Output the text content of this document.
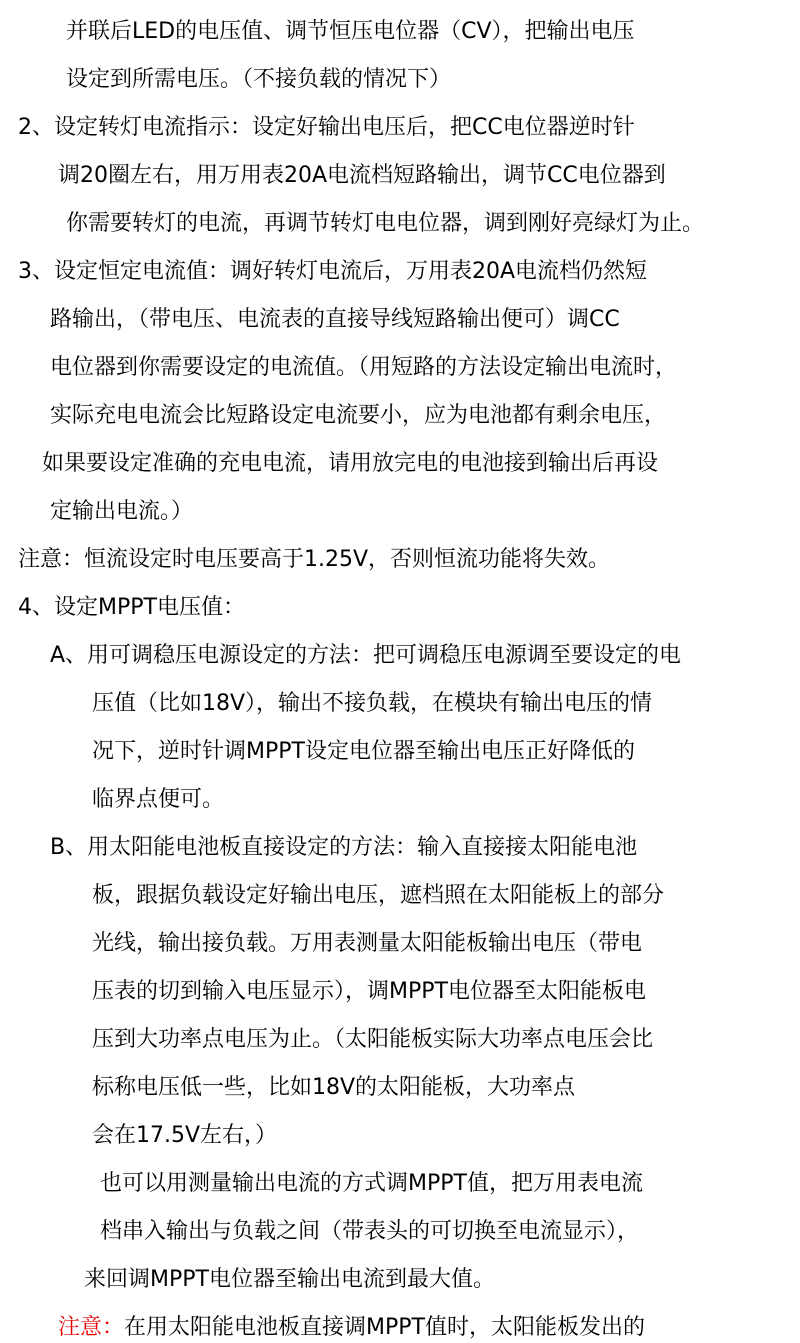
并联后LED的电压值、调节恒压电位器（CV），把输出电压
设定到所需电压。（不接负载的情况下）
2、设定转灯电流指示：设定好输出电压后，把CC电位器逆时针
调20圈左右，用万用表20A电流档短路输出，调节CC电位器到
你需要转灯的电流，再调节转灯电电位器，调到刚好亮绿灯为止。
3、设定恒定电流值：调好转灯电流后，万用表20A电流档仍然短
路输出，（带电压、电流表的直接导线短路输出便可）调CC
电位器到你需要设定的电流值。（用短路的方法设定输出电流时，
实际充电电流会比短路设定电流要小，应为电池都有剩余电压，
如果要设定准确的充电电流，请用放完电的电池接到输出后再设
定输出电流。）
注意：恒流设定时电压要高于1.25V，否则恒流功能将失效。
4、设定MPPT电压值：
A、用可调稳压电源设定的方法：把可调稳压电源调至要设定的电
压值（比如18V），输出不接负载，在模块有输出电压的情
况下，逆时针调MPPT设定电位器至输出电压正好降低的
临界点便可。
B、用太阳能电池板直接设定的方法：输入直接接太阳能电池
板，跟据负载设定好输出电压，遮档照在太阳能板上的部分
光线，输出接负载。万用表测量太阳能板输出电压（带电
压表的切到输入电压显示），调MPPT电位器至太阳能板电
压到大功率点电压为止。（太阳能板实际大功率点电压会比
标称电压低一些，比如18V的太阳能板，大功率点
会在17.5V左右，）
也可以用测量输出电流的方式调MPPT值，把万用表电流
档串入输出与负载之间（带表头的可切换至电流显示），
来回调MPPT电位器至输出电流到最大值。
注意：在用太阳能电池板直接调MPPT值时，太阳能板发出的
